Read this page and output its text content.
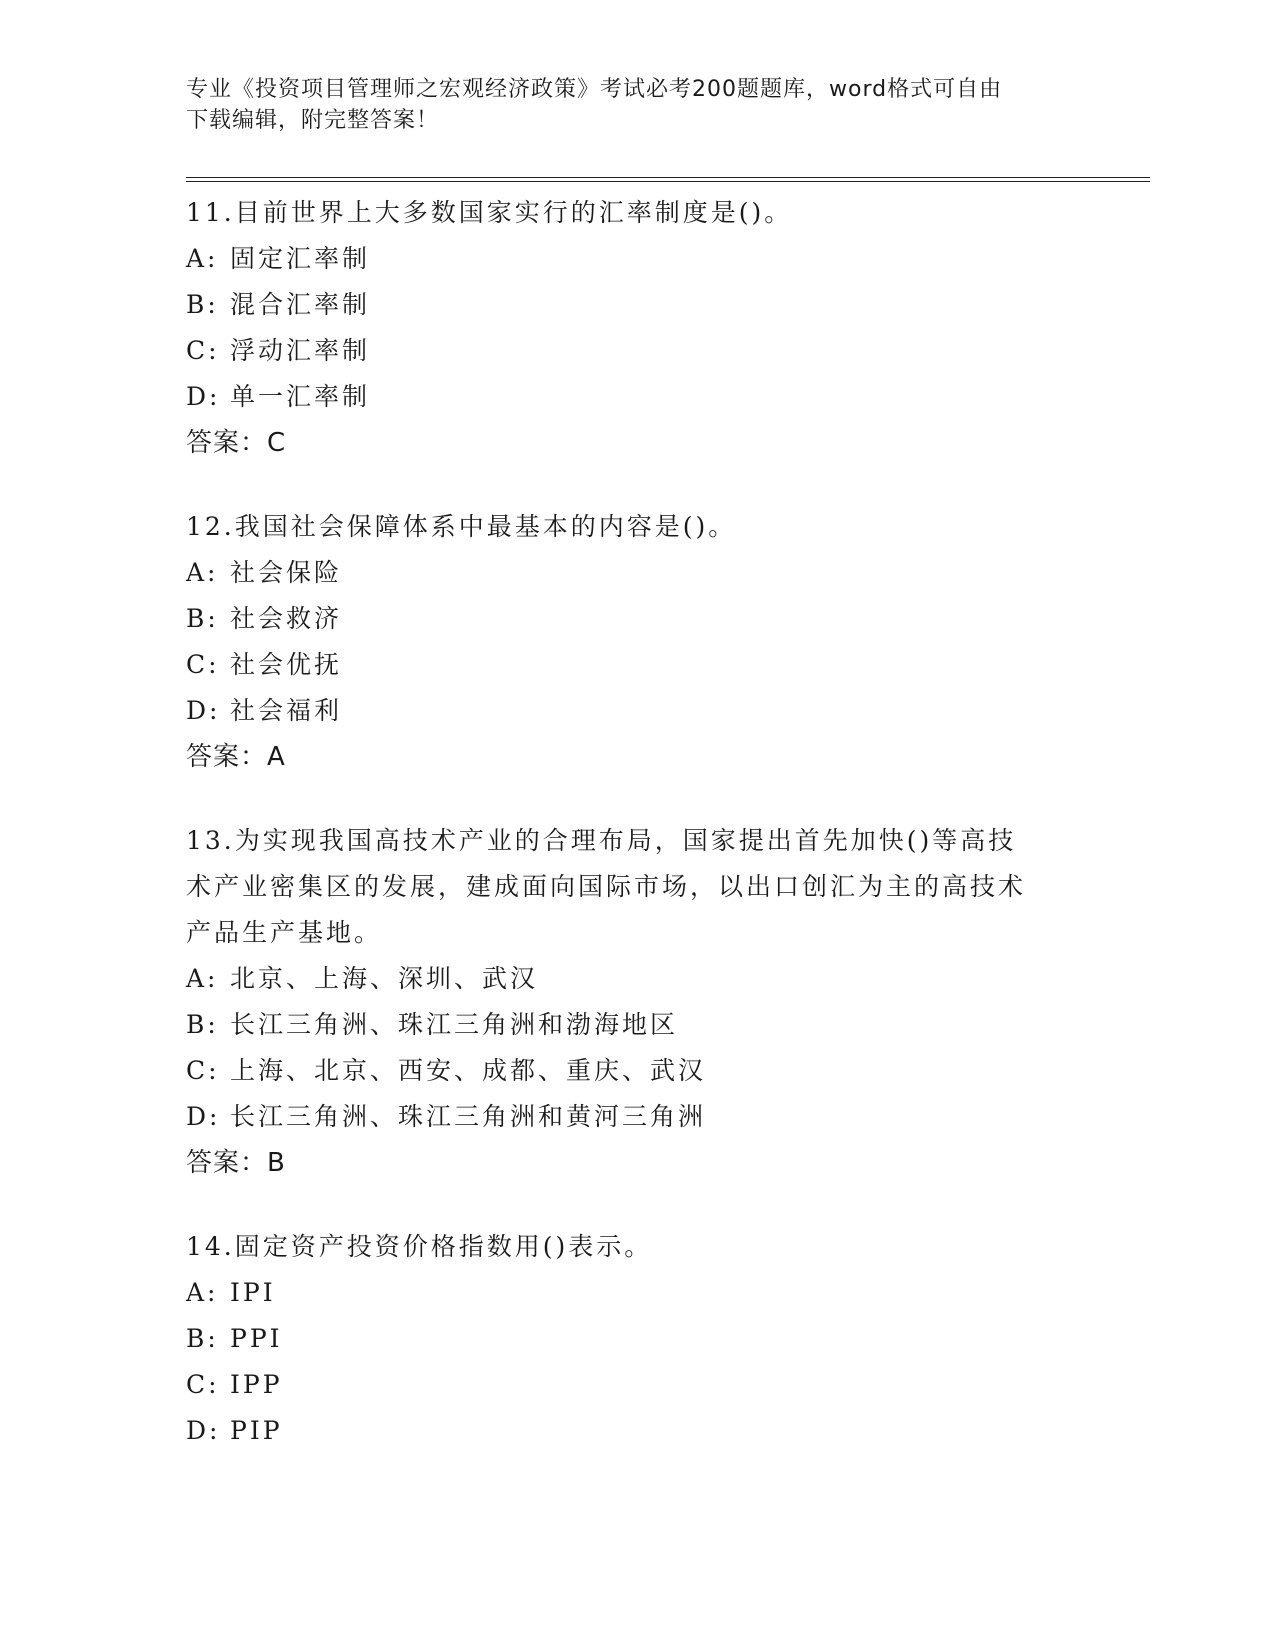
专业《投资项目管理师之宏观经济政策》考试必考200题题库，word格式可自由
下载编辑，附完整答案！

11.目前世界上大多数国家实行的汇率制度是()。

A: 固定汇率制

B: 混合汇率制

C: 浮动汇率制

D: 单一汇率制

答案：C

12.我国社会保障体系中最基本的内容是()。

A: 社会保险

B: 社会救济

C: 社会优抚

D: 社会福利

答案：A

13.为实现我国高技术产业的合理布局，国家提出首先加快()等高技术产业密集区的发展，建成面向国际市场，以出口创汇为主的高技术产品生产基地。

A: 北京、上海、深圳、武汉

B: 长江三角洲、珠江三角洲和渤海地区

C: 上海、北京、西安、成都、重庆、武汉

D: 长江三角洲、珠江三角洲和黄河三角洲

答案：B

14.固定资产投资价格指数用()表示。

A: IPI

B: PPI

C: IPP

D: PIP
